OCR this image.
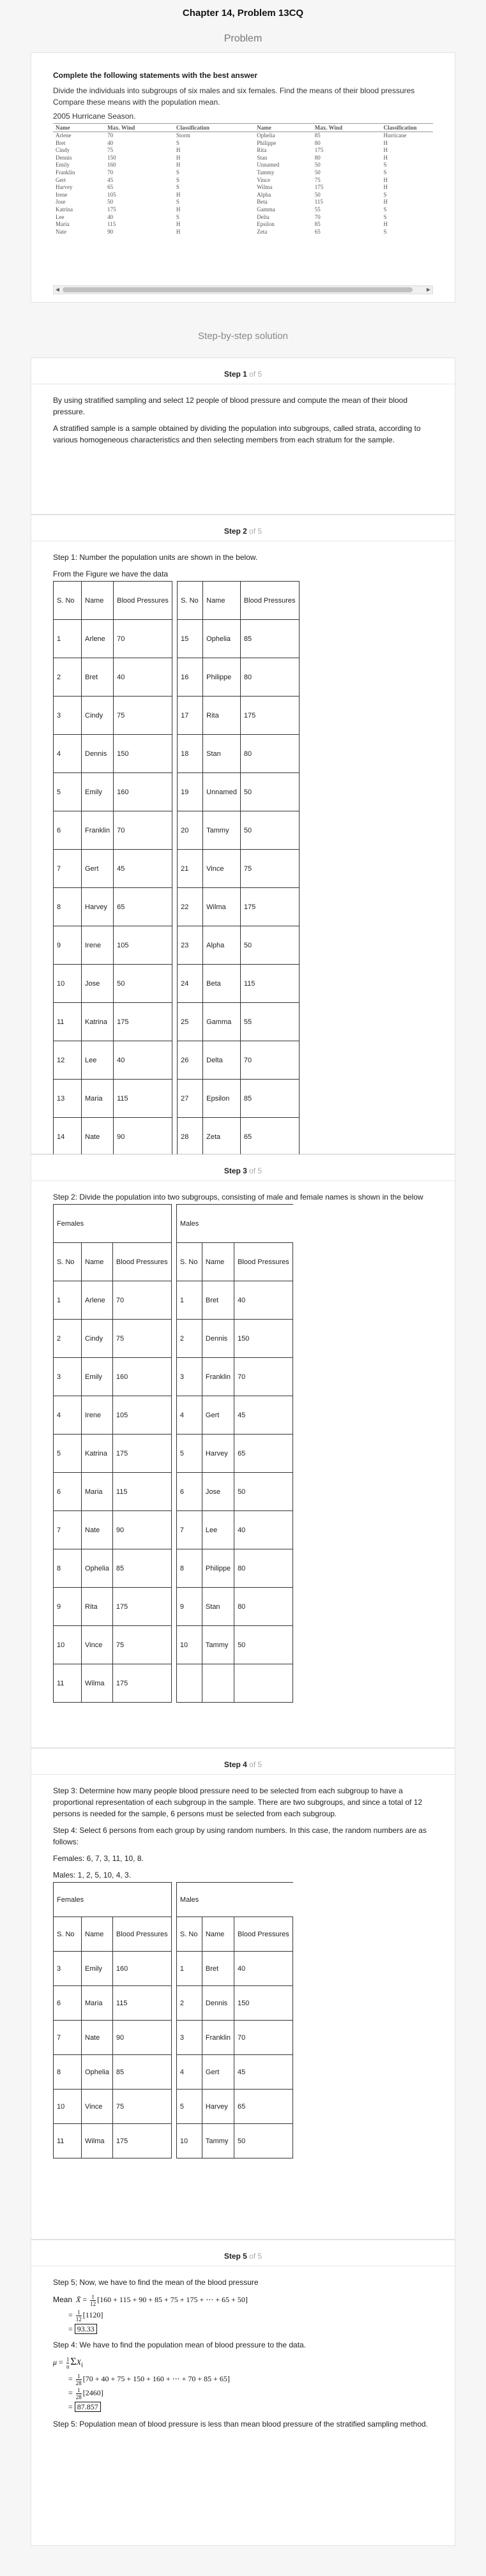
Chapter 14, Problem 13CQ
Problem
Complete the following statements with the best answer

Divide the individuals into subgroups of six males and six females. Find the means of their blood pressures Compare these means with the population mean.

2005 Hurricane Season.
Name	Max. Wind	Classification	Name	Max. Wind	Classification
Arlene	70	Storm	Ophelia	85	Hurricane
Bret	40	S	Philippe	80	H
Cindy	75	H	Rita	175	H
Dennis	150	H	Stan	80	H
Emily	160	H	Unnamed	50	S
Franklin	70	S	Tammy	50	S
Gert	45	S	Vince	75	H
Harvey	65	S	Wilma	175	H
Irene	105	H	Alpha	50	S
Jose	50	S	Beta	115	H
Katrina	175	H	Gamma	55	S
Lee	40	S	Delta	70	S
Maria	115	H	Epsilon	85	H
Nate	90	H	Zeta	65	S
◀	▶
Step-by-step solution
Step 1 of 5

By using stratified sampling and select 12 people of blood pressure and compute the mean of their blood pressure.

A stratified sample is a sample obtained by dividing the population into subgroups, called strata, according to various homogeneous characteristics and then selecting members from each stratum for the sample.

Step 2 of 5

Step 1: Number the population units are shown in the below.

From the Figure we have the data

S. No	Name	Blood Pressures		S. No	Name	Blood Pressures
1	Arlene	70		15	Ophelia	85
2	Bret	40		16	Philippe	80
3	Cindy	75		17	Rita	175
4	Dennis	150		18	Stan	80
5	Emily	160		19	Unnamed	50
6	Franklin	70		20	Tammy	50
7	Gert	45		21	Vince	75
8	Harvey	65		22	Wilma	175
9	Irene	105		23	Alpha	50
10	Jose	50		24	Beta	115
11	Katrina	175		25	Gamma	55
12	Lee	40		26	Delta	70
13	Maria	115		27	Epsilon	85
14	Nate	90		28	Zeta	65
Step 3 of 5

Step 2: Divide the population into two subgroups, consisting of male and female names is shown in the below

Females				Males		
S. No	Name	Blood Pressures		S. No	Name	Blood Pressures
1	Arlene	70		1	Bret	40
2	Cindy	75		2	Dennis	150
3	Emily	160		3	Franklin	70
4	Irene	105		4	Gert	45
5	Katrina	175		5	Harvey	65
6	Maria	115		6	Jose	50
7	Nate	90		7	Lee	40
8	Ophelia	85		8	Philippe	80
9	Rita	175		9	Stan	80
10	Vince	75		10	Tammy	50
11	Wilma	175				
Step 4 of 5

Step 3: Determine how many people blood pressure need to be selected from each subgroup to have a proportional representation of each subgroup in the sample. There are two subgroups, and since a total of 12 persons is needed for the sample, 6 persons must be selected from each subgroup.

Step 4: Select 6 persons from each group by using random numbers. In this case, the random numbers are as follows:

Females: 6, 7, 3, 11, 10, 8.

Males: 1, 2, 5, 10, 4, 3.

Females				Males		
S. No	Name	Blood Pressures		S. No	Name	Blood Pressures
3	Emily	160		1	Bret	40
6	Maria	115		2	Dennis	150
7	Nate	90		3	Franklin	70
8	Ophelia	85		4	Gert	45
10	Vince	75		5	Harvey	65
11	Wilma	175		10	Tammy	50
Step 5 of 5

Step 5; Now, we have to find the mean of the blood pressure

Mean X̄ = $\frac{1}{12} [160 + 115 + 90 + 85 + 75 + 175$ + ⋯ + 65 + 50]
= $\frac{1}{12} [1120]$
= 93.33

Step 4: We have to find the population mean of blood pressure to the data.

$\mu = \frac{1}{n} \Sigma X_i$
= $\frac{1}{28} [70 + 40 + 75 + 150 + 160$ + ⋯ + 70 + 85 + 65]
= $\frac{1}{28} [2460]$
= 87.857

Step 5: Population mean of blood pressure is less than mean blood pressure of the stratified sampling method.
